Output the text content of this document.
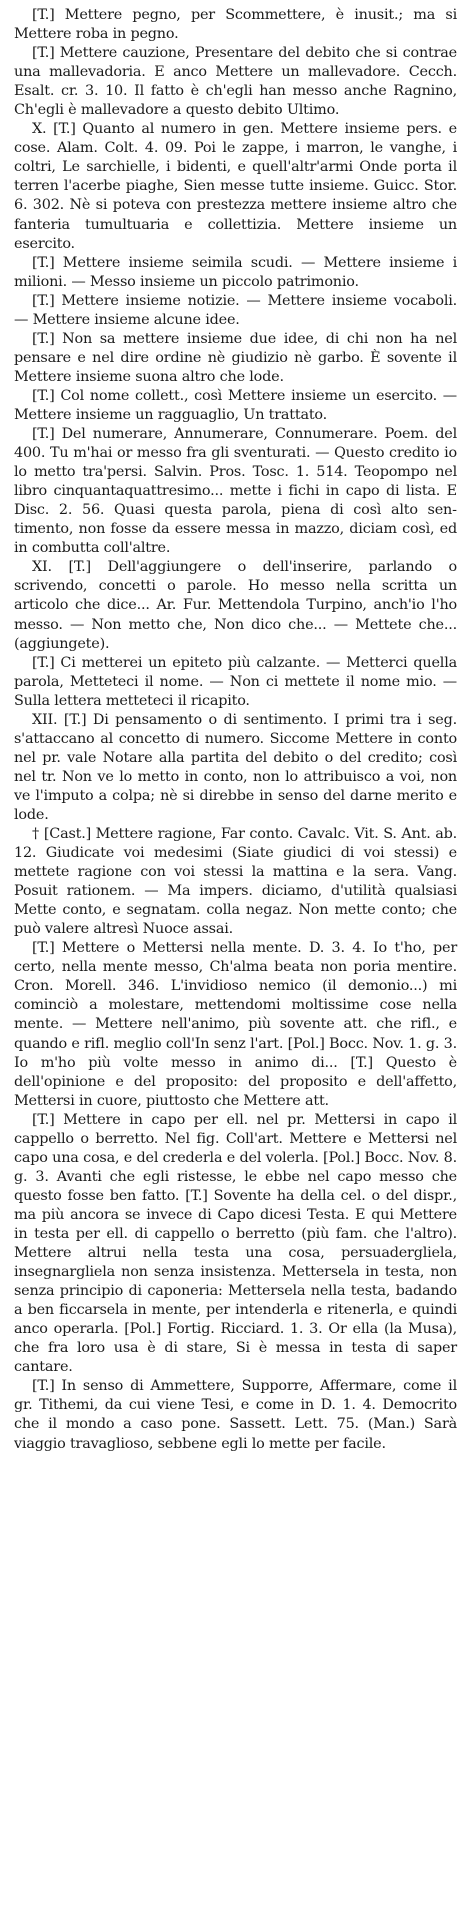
[T.] Mettere pegno, per Scommettere, è inusit.; ma si Mettere roba in pegno.

[T.] Mettere cauzione, Presentare del debito che si contrae una mallevadoria. E anco Mettere un mallevadore. Cecch. Esalt. cr. 3. 10. Il fatto è ch'egli han messo anche Ragnino, Ch'egli è mallevadore a questo debito Ultimo.

X. [T.] Quanto al numero in gen. Mettere insieme pers. e cose. Alam. Colt. 4. 09. Poi le zappe, i marron, le vanghe, i coltri, Le sarchielle, i bidenti, e quell'altr'armi Onde porta il terren l'acerbe piaghe, Sien messe tutte insieme. Guicc. Stor. 6. 302. Nè si poteva con prestezza mettere insieme altro che fanteria tumultuaria e collettizia. Mettere insieme un esercito.

[T.] Mettere insieme seimila scudi. — Mettere insieme i milioni. — Messo insieme un piccolo patrimonio.

[T.] Mettere insieme notizie. — Mettere insieme vocaboli. — Mettere insieme alcune idee.

[T.] Non sa mettere insieme due idee, di chi non ha nel pensare e nel dire ordine nè giudizio nè garbo. È sovente il Mettere insieme suona altro che lode.

[T.] Col nome collett., così Mettere insieme un esercito. — Mettere insieme un ragguaglio, Un trattato.

[T.] Del numerare, Annumerare, Connumerare. Poem. del 400. Tu m'hai or messo fra gli sventurati. — Questo credito io lo metto tra'persi. Salvin. Pros. Tosc. 1. 514. Teopompo nel libro cinquantaquattresimo... mette i fichi in capo di lista. E Disc. 2. 56. Quasi questa parola, piena di così alto sentimento, non fosse da essere messa in mazzo, diciam così, ed in combutta coll'altre.

XI. [T.] Dell'aggiungere o dell'inserire, parlando o scrivendo, concetti o parole. Ho messo nella scritta un articolo che dice... Ar. Fur. Mettendola Turpino, anch'io l'ho messo. — Non metto che, Non dico che... — Mettete che... (aggiungete).

[T.] Ci metterei un epiteto più calzante. — Metterci quella parola, Metteteci il nome. — Non ci mettete il nome mio. — Sulla lettera metteteci il ricapito.

XII. [T.] Di pensamento o di sentimento. I primi tra i seg. s'attaccano al concetto di numero. Siccome Mettere in conto nel pr. vale Notare alla partita del debito o del credito; così nel tr. Non ve lo metto in conto, non lo attribuisco a voi, non ve l'imputo a colpa; nè si direbbe in senso del darne merito e lode.

† [Cast.] Mettere ragione, Far conto. Cavalc. Vit. S. Ant. ab. 12. Giudicate voi medesimi (Siate giudici di voi stessi) e mettete ragione con voi stessi la mattina e la sera. Vang. Posuit rationem. — Ma impers. diciamo, d'utilità qualsiasi Mette conto, e segnatam. colla negaz. Non mette conto; che può valere altresì Nuoce assai.

[T.] Mettere o Mettersi nella mente. D. 3. 4. Io t'ho, per certo, nella mente messo, Ch'alma beata non poria mentire. Cron. Morell. 346. L'invidioso nemico (il demonio...) mi cominciò a molestare, mettendomi moltissime cose nella mente. — Mettere nell'animo, più sovente att. che rifl., e quando e rifl. meglio coll'In senz l'art. [Pol.] Bocc. Nov. 1. g. 3. Io m'ho più volte messo in animo di... [T.] Questo è dell'opinione e del proposito: del proposito e dell'affetto, Mettersi in cuore, piuttosto che Mettere att.

[T.] Mettere in capo per ell. nel pr. Mettersi in capo il cappello o berretto. Nel fig. Coll'art. Mettere e Mettersi nel capo una cosa, e del crederla e del volerla. [Pol.] Bocc. Nov. 8. g. 3. Avanti che egli ristesse, le ebbe nel capo messo che questo fosse ben fatto. [T.] Sovente ha della cel. o del dispr., ma più ancora se invece di Capo dicesi Testa. E qui Mettere in testa per ell. di cappello o berretto (più fam. che l'altro). Mettere altrui nella testa una cosa, persuadergliela, insegnargliela non senza insistenza. Mettersela in testa, non senza principio di caponeria: Mettersela nella testa, badando a ben ficcarsela in mente, per intenderla e ritenerla, e quindi anco operarla. [Pol.] Fortig. Ricciard. 1. 3. Or ella (la Musa), che fra loro usa è di stare, Si è messa in testa di saper cantare.

[T.] In senso di Ammettere, Supporre, Affermare, come il gr. Tithemi, da cui viene Tesi, e come in D. 1. 4. Democrito che il mondo a caso pone. Sassett. Lett. 75. (Man.) Sarà viaggio travaglioso, sebbene egli lo mette per facile.
